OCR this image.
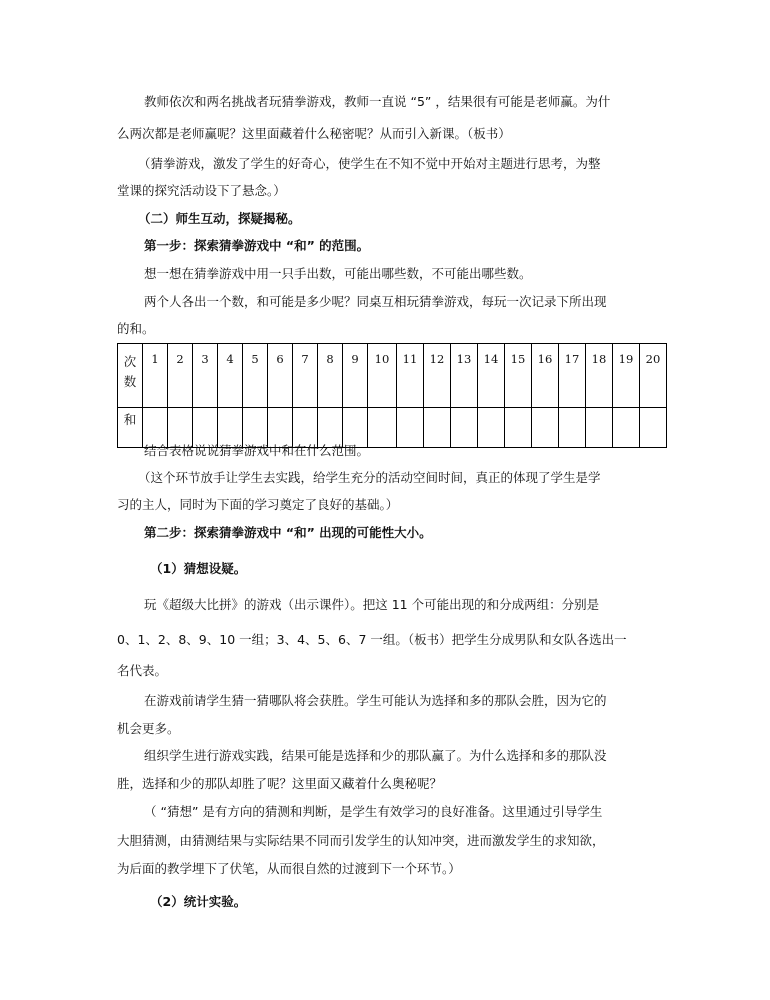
教师依次和两名挑战者玩猜拳游戏，教师一直说 “5” ，结果很有可能是老师赢。为什
么两次都是老师赢呢？这里面藏着什么秘密呢？从而引入新课。（板书）
（猜拳游戏，激发了学生的好奇心，使学生在不知不觉中开始对主题进行思考，为整
堂课的探究活动设下了悬念。）
（二）师生互动，探疑揭秘。
第一步：探索猜拳游戏中 “和” 的范围。
想一想在猜拳游戏中用一只手出数，可能出哪些数，不可能出哪些数。
两个人各出一个数，和可能是多少呢？同桌互相玩猜拳游戏，每玩一次记录下所出现
的和。
次
数	1	2	3	4	5	6	7	8	9	10	11	12	13	14	15	16	17	18	19	20
和																				
结合表格说说猜拳游戏中和在什么范围。
（这个环节放手让学生去实践，给学生充分的活动空间时间，真正的体现了学生是学
习的主人，同时为下面的学习奠定了良好的基础。）
第二步：探索猜拳游戏中 “和” 出现的可能性大小。
（1）猜想设疑。
玩《超级大比拼》的游戏（出示课件）。把这 11 个可能出现的和分成两组：分别是
0、1、2、8、9、10 一组；3、4、5、6、7 一组。（板书）把学生分成男队和女队各选出一
名代表。
在游戏前请学生猜一猜哪队将会获胜。学生可能认为选择和多的那队会胜，因为它的
机会更多。
组织学生进行游戏实践，结果可能是选择和少的那队赢了。为什么选择和多的那队没
胜，选择和少的那队却胜了呢？这里面又藏着什么奥秘呢？
（ “猜想” 是有方向的猜测和判断，是学生有效学习的良好准备。这里通过引导学生
大胆猜测，由猜测结果与实际结果不同而引发学生的认知冲突，进而激发学生的求知欲，
为后面的教学埋下了伏笔，从而很自然的过渡到下一个环节。）
（2）统计实验。
